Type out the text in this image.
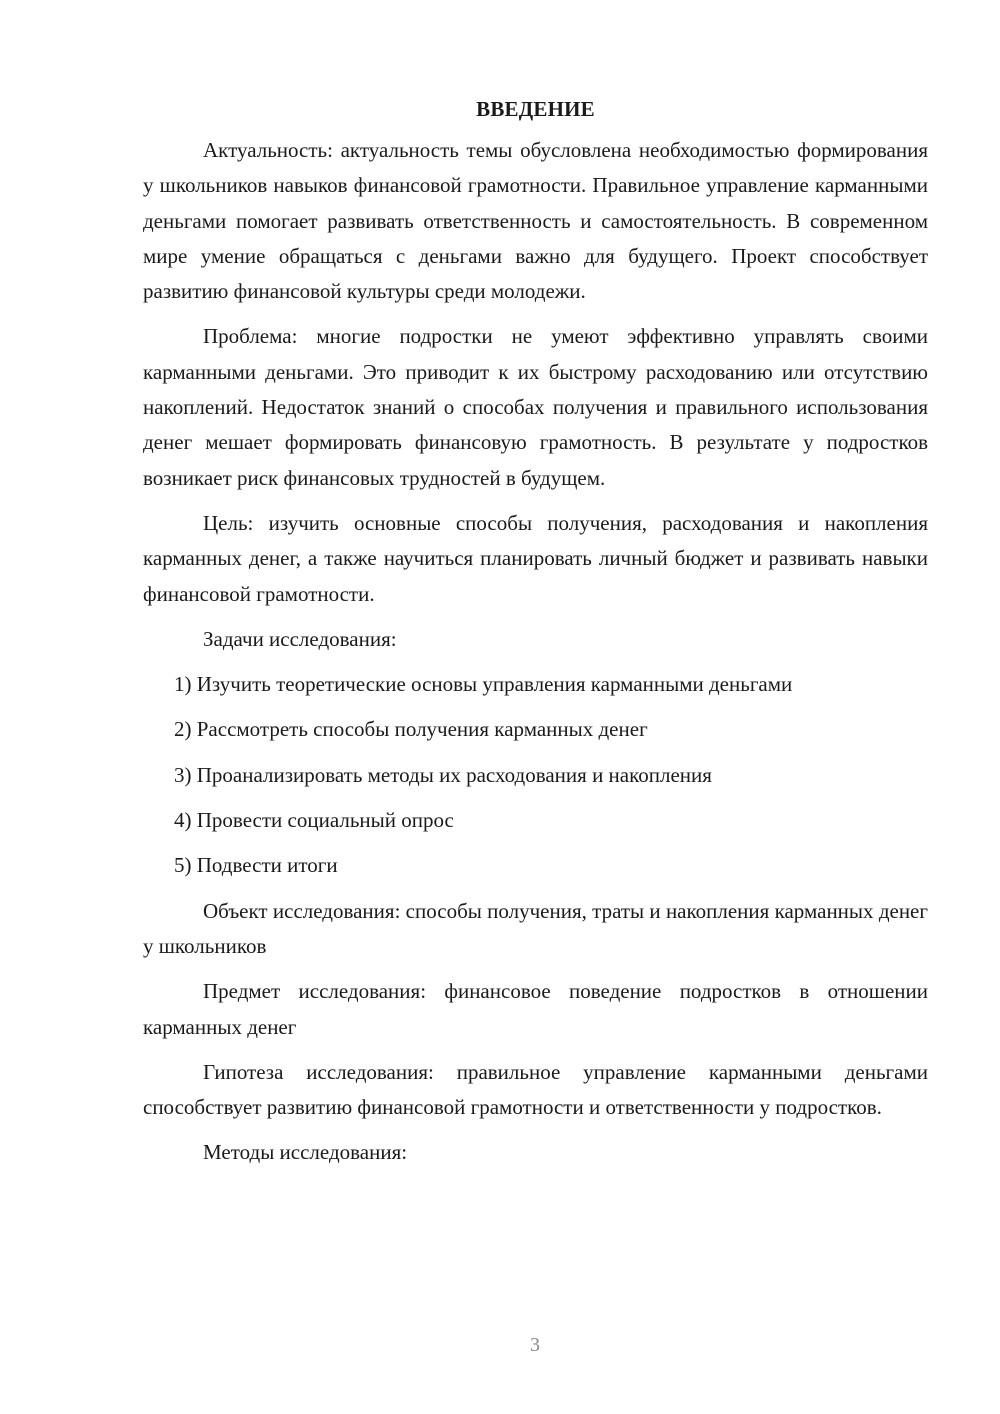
ВВЕДЕНИЕ

Актуальность: актуальность темы обусловлена необходимостью формирования у школьников навыков финансовой грамотности. Правильное управление карманными деньгами помогает развивать ответственность и самостоятельность. В современном мире умение обращаться с деньгами важно для будущего. Проект способствует развитию финансовой культуры среди молодежи.

Проблема: многие подростки не умеют эффективно управлять своими карманными деньгами. Это приводит к их быстрому расходованию или отсутствию накоплений. Недостаток знаний о способах получения и правильного использования денег мешает формировать финансовую грамотность. В результате у подростков возникает риск финансовых трудностей в будущем.

Цель: изучить основные способы получения, расходования и накопления карманных денег, а также научиться планировать личный бюджет и развивать навыки финансовой грамотности.

Задачи исследования:
1) Изучить теоретические основы управления карманными деньгами
2) Рассмотреть способы получения карманных денег
3) Проанализировать методы их расходования и накопления
4) Провести социальный опрос
5) Подвести итоги

Объект исследования: способы получения, траты и накопления карманных денег у школьников

Предмет исследования: финансовое поведение подростков в отношении карманных денег

Гипотеза исследования: правильное управление карманными деньгами способствует развитию финансовой грамотности и ответственности у подростков.

Методы исследования:
3
